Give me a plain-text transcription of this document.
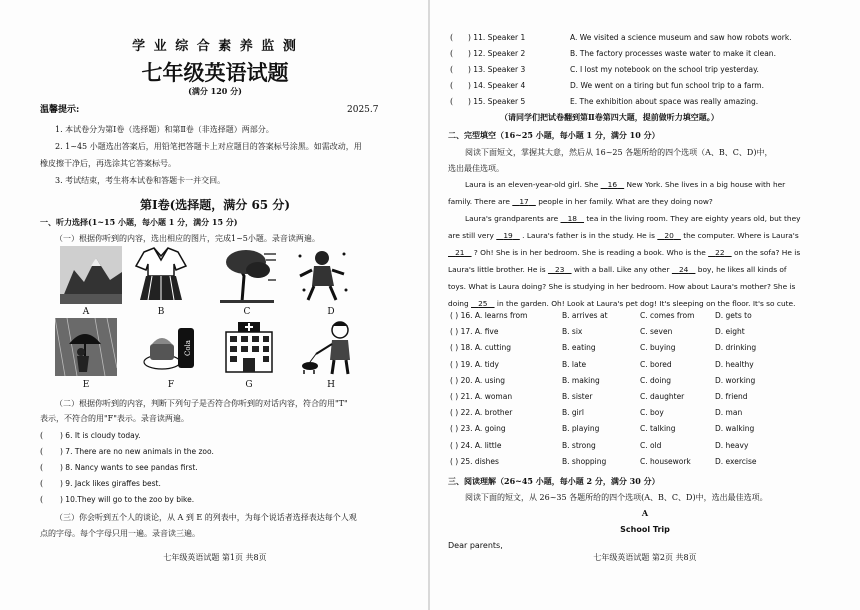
学 业 综 合 素 养 监 测
七年级英语试题
(满分 120 分)
温馨提示:	2025.7
1. 本试卷分为第Ⅰ卷（选择题）和第Ⅱ卷（非选择题）两部分。
2. 1~45 小题选出答案后，用铅笔把答题卡上对应题目的答案标号涂黑。如需改动，用
橡皮擦干净后，再选涂其它答案标号。
3. 考试结束，考生将本试卷和答题卡一并交回。
第Ⅰ卷(选择题，满分 65 分)
一、听力选择(1~15 小题，每小题 1 分，满分 15 分)
（一）根据你听到的内容，选出相应的图片，完成1~5小题。录音读两遍。
A	B	C	D
Cola
E	F	G	H
（二）根据你听到的内容，判断下列句子是否符合你听到的对话内容，符合的用"T"
表示，不符合的用"F"表示。录音读两遍。
( ) 6. It is cloudy today.
( ) 7. There are no new animals in the zoo.
( ) 8. Nancy wants to see pandas first.
( ) 9. Jack likes giraffes best.
( ) 10.They will go to the zoo by bike.
（三）你会听到五个人的谈论，从 A 到 E 的列表中，为每个说话者选择表达每个人观
点的字母。每个字母只用一遍。录音读三遍。
七年级英语试题 第1页 共8页
( ) 11. Speaker 1	A. We visited a science museum and saw how robots work.
( ) 12. Speaker 2	B. The factory processes waste water to make it clean.
( ) 13. Speaker 3	C. I lost my notebook on the school trip yesterday.
( ) 14. Speaker 4	D. We went on a tiring but fun school trip to a farm.
( ) 15. Speaker 5	E. The exhibition about space was really amazing.
（请同学们把试卷翻到第Ⅱ卷第四大题，提前做听力填空题。）
二、完型填空（16~25 小题，每小题 1 分，满分 10 分）
阅读下面短文，掌握其大意，然后从 16~25 各题所给的四个选项（A、B、C、D)中，
选出最佳选项。
Laura is an eleven-year-old girl. She 16 New York. She lives in a big house with her
family. There are 17 people in her family. What are they doing now?
Laura's grandparents are 18 tea in the living room. They are eighty years old, but they
are still very 19 . Laura's father is in the study. He is 20 the computer. Where is Laura's
21 ? Oh! She is in her bedroom. She is reading a book. Who is the 22 on the sofa? He is
Laura's little brother. He is 23 with a ball. Like any other 24 boy, he likes all kinds of
toys. What is Laura doing? She is studying in her bedroom. How about Laura's mother? She is
doing 25 in the garden. Oh! Look at Laura's pet dog! It's sleeping on the floor. It's so cute.
( ) 16. A. learns from	B. arrives at	C. comes from	D. gets to
( ) 17. A. five	B. six	C. seven	D. eight
( ) 18. A. cutting	B. eating	C. buying	D. drinking
( ) 19. A. tidy	B. late	C. bored	D. healthy
( ) 20. A. using	B. making	C. doing	D. working
( ) 21. A. woman	B. sister	C. daughter	D. friend
( ) 22. A. brother	B. girl	C. boy	D. man
( ) 23. A. going	B. playing	C. talking	D. walking
( ) 24. A. little	B. strong	C. old	D. heavy
( ) 25. dishes	B. shopping	C. housework	D. exercise
三、阅读理解（26~45 小题，每小题 2 分，满分 30 分）
阅读下面的短文，从 26~35 各题所给的四个选项(A、B、C、D)中，选出最佳选项。
A
School Trip
Dear parents,
七年级英语试题 第2页 共8页
